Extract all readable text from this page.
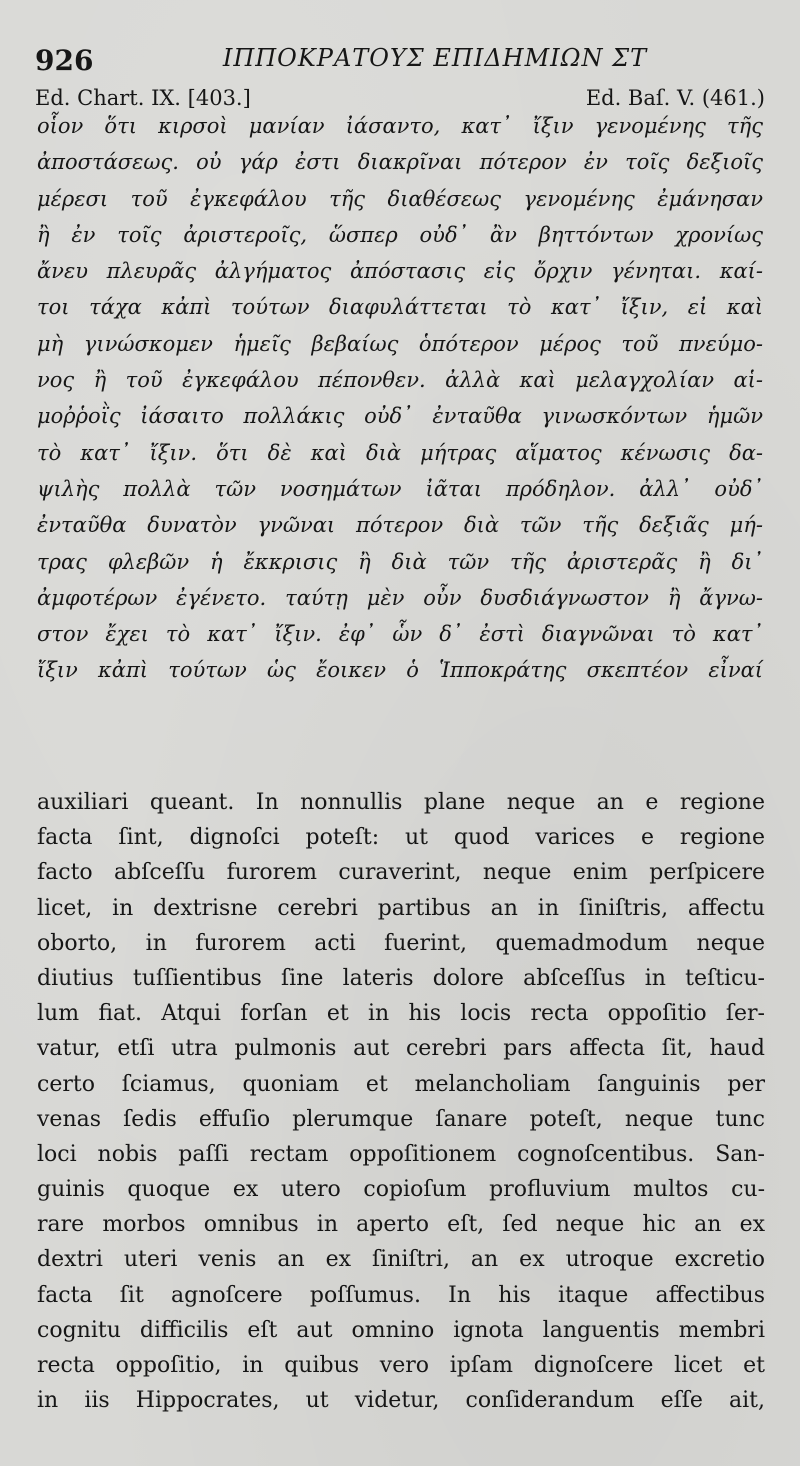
926	ΙΠΠΟΚΡΑΤΟΥΣ ΕΠΙΔΗΜΙΩΝ ΣΤ
Ed. Chart. IX. [403.]	Ed. Baſ. V. (461.)
οἷον ὅτι κιρσοὶ μανίαν ἰάσαντο, κατ᾽ ἴξιν γενομένης τῆς
ἀποστάσεως. οὐ γάρ ἐστι διακρῖναι πότερον ἐν τοῖς δεξιοῖς
μέρεσι τοῦ ἐγκεφάλου τῆς διαθέσεως γενομένης ἐμάνησαν
ἢ ἐν τοῖς ἀριστεροῖς, ὥσπερ οὐδ᾽ ἂν βηττόντων χρονίως
ἄνευ πλευρᾶς ἀλγήματος ἀπόστασις εἰς ὄρχιν γένηται. καί-
τοι τάχα κἀπὶ τούτων διαφυλάττεται τὸ κατ᾽ ἴξιν, εἰ καὶ
μὴ γινώσκομεν ἡμεῖς βεβαίως ὁπότερον μέρος τοῦ πνεύμο-
νος ἢ τοῦ ἐγκεφάλου πέπονθεν. ἀλλὰ καὶ μελαγχολίαν αἱ-
μοῤῥοῒς ἰάσαιτο πολλάκις οὐδ᾽ ἐνταῦθα γινωσκόντων ἡμῶν
τὸ κατ᾽ ἴξιν. ὅτι δὲ καὶ διὰ μήτρας αἵματος κένωσις δα-
ψιλὴς πολλὰ τῶν νοσημάτων ἰᾶται πρόδηλον. ἀλλ᾽ οὐδ᾽
ἐνταῦθα δυνατὸν γνῶναι πότερον διὰ τῶν τῆς δεξιᾶς μή-
τρας φλεβῶν ἡ ἔκκρισις ἢ διὰ τῶν τῆς ἀριστερᾶς ἢ δι᾽
ἀμφοτέρων ἐγένετο. ταύτῃ μὲν οὖν δυσδιάγνωστον ἢ ἄγνω-
στον ἔχει τὸ κατ᾽ ἴξιν. ἐφ᾽ ὧν δ᾽ ἐστὶ διαγνῶναι τὸ κατ᾽
ἴξιν κἀπὶ τούτων ὡς ἔοικεν ὁ Ἱπποκράτης σκεπτέον εἶναί
auxiliari queant. In nonnullis plane neque an e regione
facta ſint, dignoſci poteſt: ut quod varices e regione
facto abſceſſu furorem curaverint, neque enim perſpicere
licet, in dextrisne cerebri partibus an in ſiniſtris, affectu
oborto, in furorem acti fuerint, quemadmodum neque
diutius tuſſientibus ſine lateris dolore abſceſſus in teſticu-
lum fiat. Atqui forſan et in his locis recta oppoſitio ſer-
vatur, etſi utra pulmonis aut cerebri pars affecta ſit, haud
certo ſciamus, quoniam et melancholiam ſanguinis per
venas ſedis effuſio plerumque ſanare poteſt, neque tunc
loci nobis paſſi rectam oppoſitionem cognoſcentibus. San-
guinis quoque ex utero copioſum profluvium multos cu-
rare morbos omnibus in aperto eſt, ſed neque hic an ex
dextri uteri venis an ex ſiniſtri, an ex utroque excretio
facta ſit agnoſcere poſſumus. In his itaque affectibus
cognitu difficilis eſt aut omnino ignota languentis membri
recta oppoſitio, in quibus vero ipſam dignoſcere licet et
in iis Hippocrates, ut videtur, conſiderandum eſſe ait,
